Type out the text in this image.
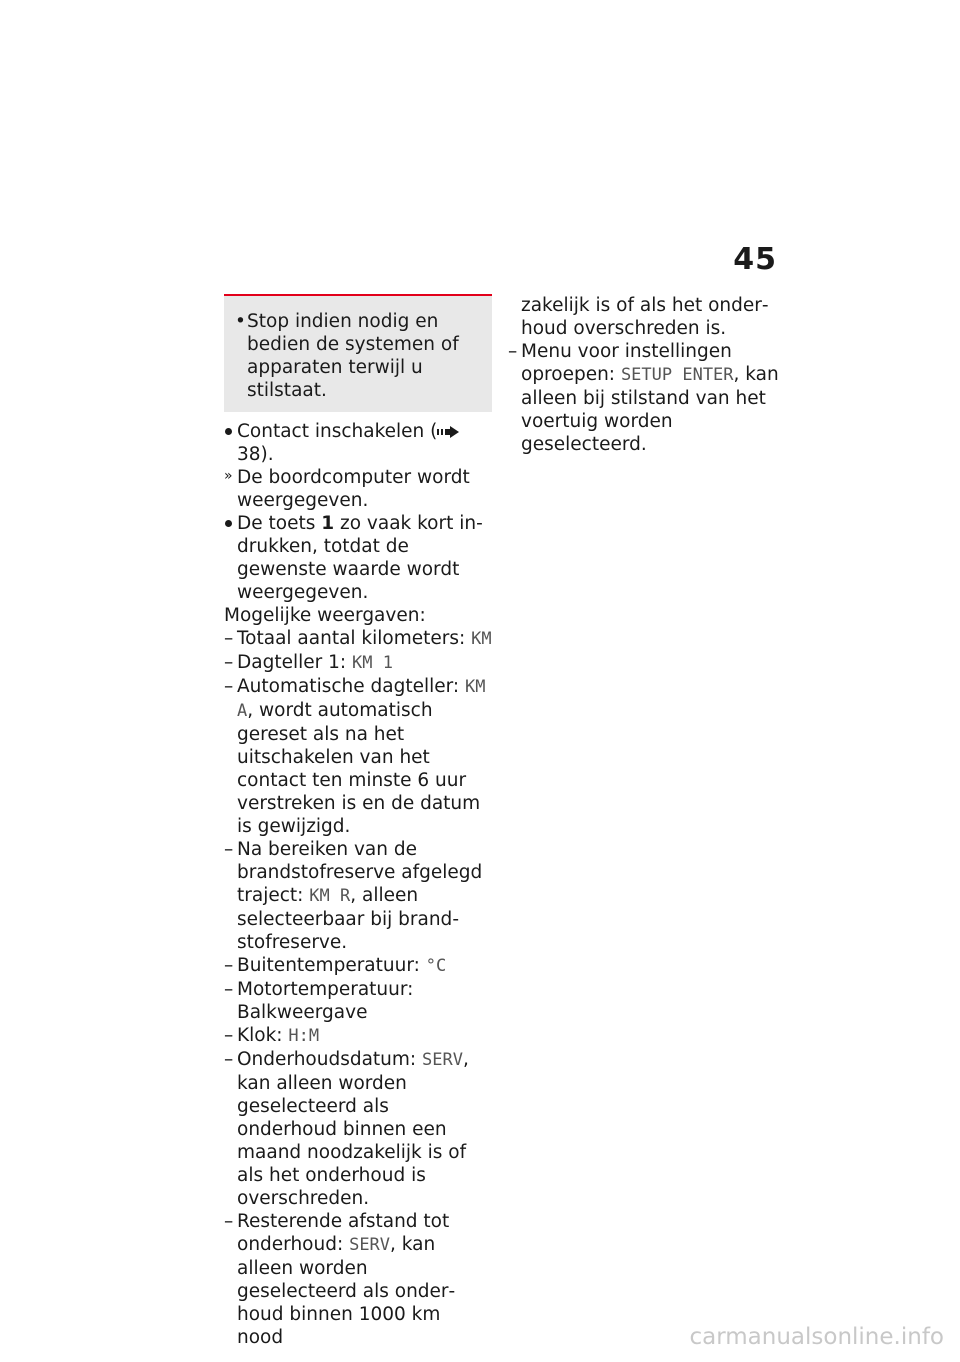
45
• Stop indien nodig en bedien de systemen of apparaten terwijl u stilstaat.
Contact inschakelen ( 38).
» De boordcomputer wordt weergegeven.
De toets 1 zo vaak kort indrukken, totdat de gewenste waarde wordt weergegeven.
Mogelijke weergaven:
– Totaal aantal kilometers: KM
– Dagteller 1: KM 1
– Automatische dagteller: KM A, wordt automatisch gereset als na het uitschakelen van het contact ten minste 6 uur verstreken is en de datum is gewijzigd.
– Na bereiken van de brandstofreserve afgelegd traject: KM R, alleen selecteerbaar bij brandstofreserve.
– Buitentemperatuur: °C
– Motortemperatuur: Balkweergave
– Klok: H:M
– Onderhoudsdatum: SERV, kan alleen worden geselecteerd als onderhoud binnen een maand noodzakelijk is of als het onderhoud is overschreden.
– Resterende afstand tot onderhoud: SERV, kan alleen worden geselecteerd als onderhoud binnen 1000 km nood
zakelijk is of als het onderhoud overschreden is.
– Menu voor instellingen oproepen: SETUP ENTER, kan alleen bij stilstand van het voertuig worden geselecteerd.
carmanualsonline.info
